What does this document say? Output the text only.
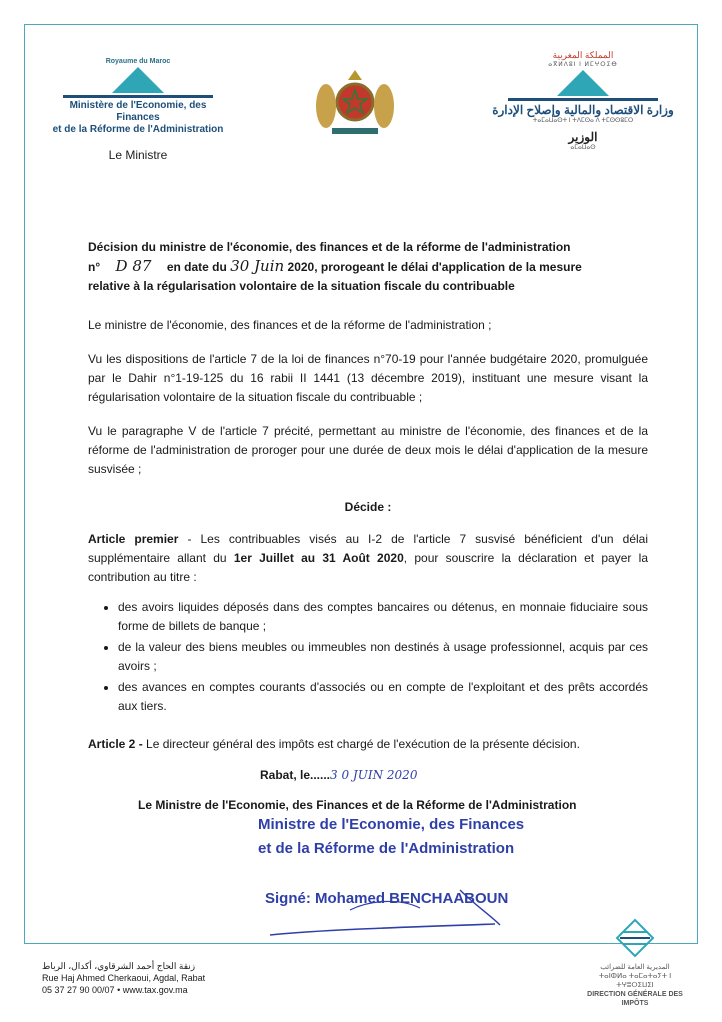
Royaume du Maroc
Ministère de l'Economie, des Finances
et de la Réforme de l'Administration
Le Ministre
المملكة المغربية
ⴰⴳⵍⴷⵓⵏ ⵏ ⵍⵎⵖⵔⵉⴱ
وزارة الاقتصاد والمالية وإصلاح الإدارة
ⵜⴰⵎⴰⵡⴰⵙⵜ ⵏ ⵜⴷⵎⵙⴰ ⴷ ⵜⵎⵙⵙⵓⵎⵔ
الوزير
ⴰⵎⴰⵡⴰⵙ
Décision du ministre de l'économie, des finances et de la réforme de l'administration
n° D 87 en date du 30 Juin 2020, prorogeant le délai d'application de la mesure
relative à la régularisation volontaire de la situation fiscale du contribuable
Le ministre de l'économie, des finances et de la réforme de l'administration ;
Vu les dispositions de l'article 7 de la loi de finances n°70-19 pour l'année budgétaire 2020, promulguée par le Dahir n°1-19-125 du 16 rabii II 1441 (13 décembre 2019), instituant une mesure visant la régularisation volontaire de la situation fiscale du contribuable ;
Vu le paragraphe V de l'article 7 précité, permettant au ministre de l'économie, des finances et de la réforme de l'administration de proroger pour une durée de deux mois le délai d'application de la mesure susvisée ;
Décide :
Article premier - Les contribuables visés au I-2 de l'article 7 susvisé bénéficient d'un délai supplémentaire allant du 1er Juillet au 31 Août 2020, pour souscrire la déclaration et payer la contribution au titre :
• des avoirs liquides déposés dans des comptes bancaires ou détenus, en monnaie fiduciaire sous forme de billets de banque ;
• de la valeur des biens meubles ou immeubles non destinés à usage professionnel, acquis par ces avoirs ;
• des avances en comptes courants d'associés ou en compte de l'exploitant et des prêts accordés aux tiers.
Article 2 - Le directeur général des impôts est chargé de l'exécution de la présente décision.
Rabat, le......3 0 JUIN 2020
Le Ministre de l'Economie, des Finances et de la Réforme de l'Administration
Ministre de l'Economie, des Finances
et de la Réforme de l'Administration
Signé: Mohamed BENCHAABOUN
زنقة الحاج أحمد الشرقاوي، أكدال، الرباط
Rue Haj Ahmed Cherkaoui, Agdal, Rabat
05 37 27 90 00/07 • www.tax.gov.ma
المديرية العامة للضرائب
ⵜⴰⵏⵀⵍⴰ ⵜⴰⵎⴰⵜⴰⵢⵜ ⵏ ⵜⵖⵓⵔⵉⵡⵉⵏ
DIRECTION GÉNÉRALE DES IMPÔTS
